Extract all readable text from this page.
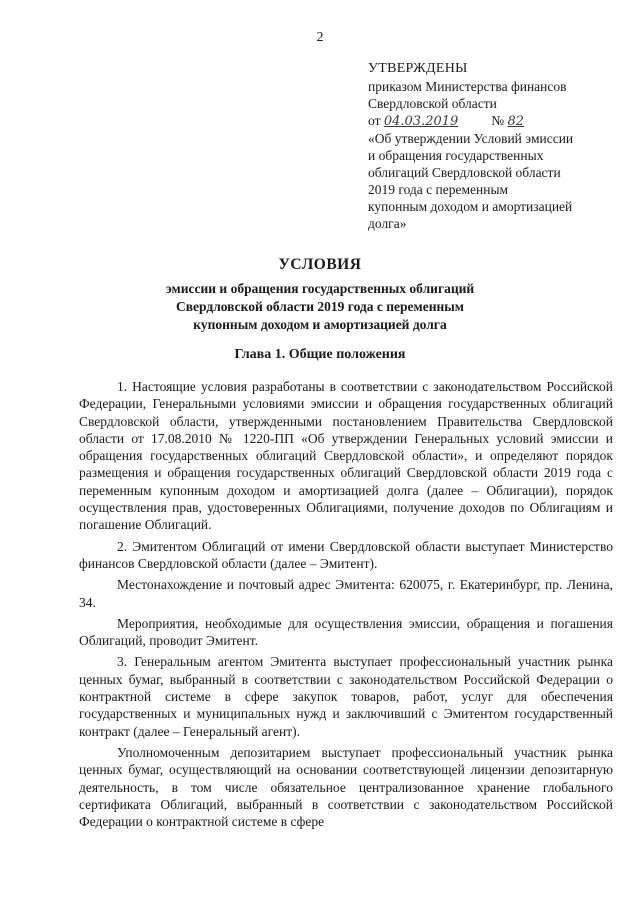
2
УТВЕРЖДЕНЫ
приказом Министерства финансов
Свердловской области
от 04.03.2019 № 82
«Об утверждении Условий эмиссии
и обращения государственных
облигаций Свердловской области
2019 года с переменным
купонным доходом и амортизацией
долга»
УСЛОВИЯ
эмиссии и обращения государственных облигаций
Свердловской области 2019 года с переменным
купонным доходом и амортизацией долга
Глава 1. Общие положения

1. Настоящие условия разработаны в соответствии с законодательством Российской Федерации, Генеральными условиями эмиссии и обращения государственных облигаций Свердловской области, утвержденными постановлением Правительства Свердловской области от 17.08.2010 № 1220-ПП «Об утверждении Генеральных условий эмиссии и обращения государственных облигаций Свердловской области», и определяют порядок размещения и обращения государственных облигаций Свердловской области 2019 года с переменным купонным доходом и амортизацией долга (далее – Облигации), порядок осуществления прав, удостоверенных Облигациями, получение доходов по Облигациям и погашение Облигаций.

2. Эмитентом Облигаций от имени Свердловской области выступает Министерство финансов Свердловской области (далее – Эмитент).

Местонахождение и почтовый адрес Эмитента: 620075, г. Екатеринбург, пр. Ленина, 34.

Мероприятия, необходимые для осуществления эмиссии, обращения и погашения Облигаций, проводит Эмитент.

3. Генеральным агентом Эмитента выступает профессиональный участник рынка ценных бумаг, выбранный в соответствии с законодательством Российской Федерации о контрактной системе в сфере закупок товаров, работ, услуг для обеспечения государственных и муниципальных нужд и заключивший с Эмитентом государственный контракт (далее – Генеральный агент).

Уполномоченным депозитарием выступает профессиональный участник рынка ценных бумаг, осуществляющий на основании соответствующей лицензии депозитарную деятельность, в том числе обязательное централизованное хранение глобального сертификата Облигаций, выбранный в соответствии с законодательством Российской Федерации о контрактной системе в сфере
